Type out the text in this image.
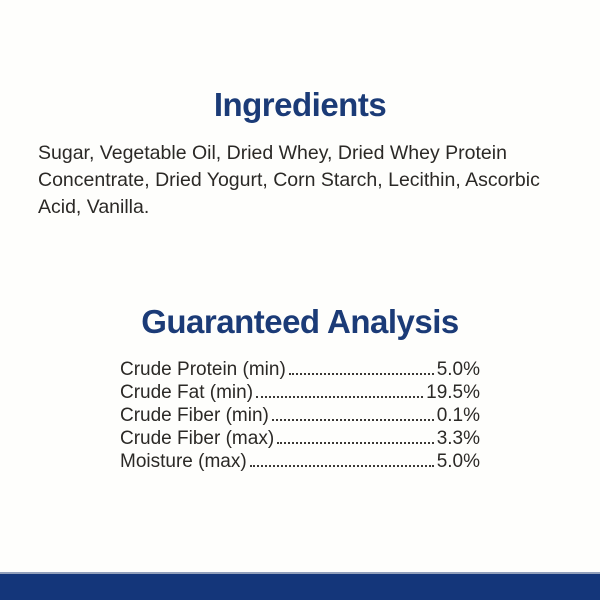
Ingredients

Sugar, Vegetable Oil, Dried Whey, Dried Whey Protein Concentrate, Dried Yogurt, Corn Starch, Lecithin, Ascorbic Acid, Vanilla.

Guaranteed Analysis
Crude Protein (min)	5.0%
Crude Fat (min)	19.5%
Crude Fiber (min)	0.1%
Crude Fiber (max)	3.3%
Moisture (max)	5.0%
